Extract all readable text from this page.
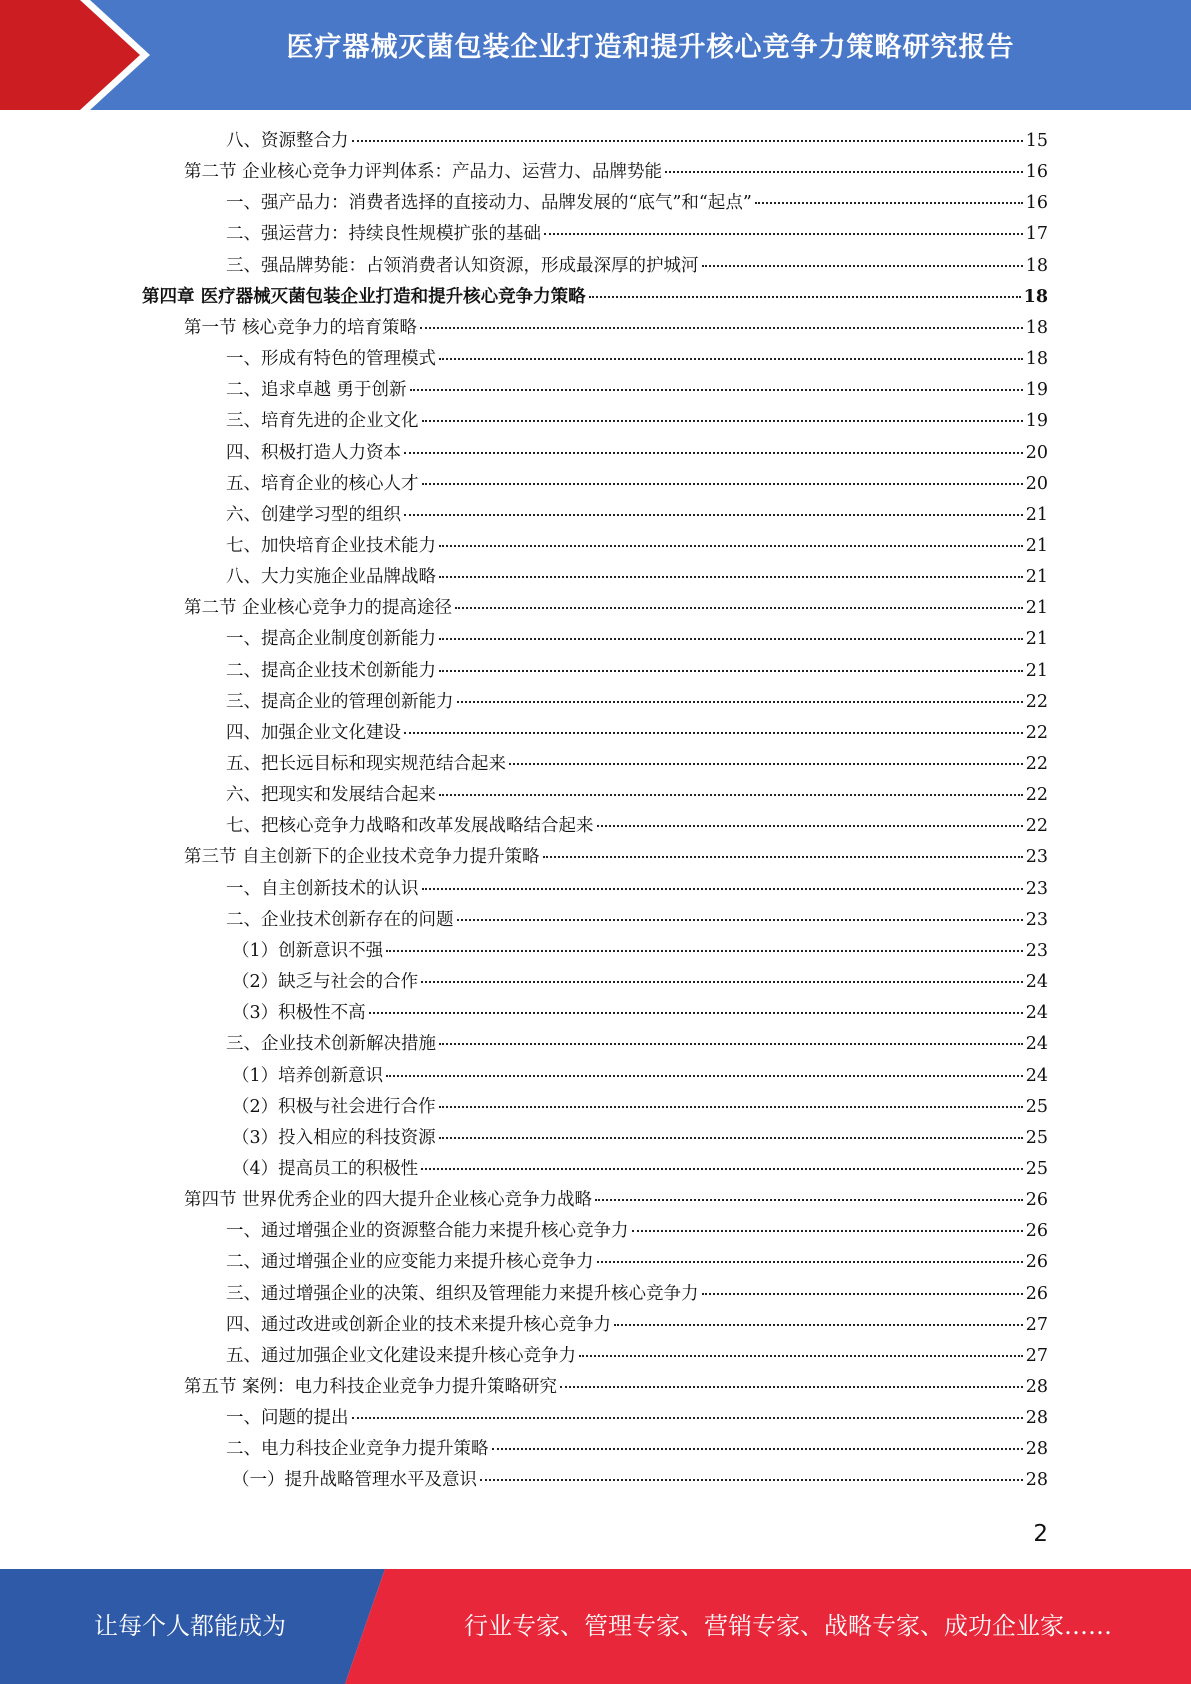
医疗器械灭菌包装企业打造和提升核心竞争力策略研究报告
八、资源整合力	15
第二节 企业核心竞争力评判体系：产品力、运营力、品牌势能	16
一、强产品力：消费者选择的直接动力、品牌发展的“底气”和“起点”	16
二、强运营力：持续良性规模扩张的基础	17
三、强品牌势能：占领消费者认知资源，形成最深厚的护城河	18
第四章 医疗器械灭菌包装企业打造和提升核心竞争力策略	18
第一节 核心竞争力的培育策略	18
一、形成有特色的管理模式	18
二、追求卓越 勇于创新	19
三、培育先进的企业文化	19
四、积极打造人力资本	20
五、培育企业的核心人才	20
六、创建学习型的组织	21
七、加快培育企业技术能力	21
八、大力实施企业品牌战略	21
第二节 企业核心竞争力的提高途径	21
一、提高企业制度创新能力	21
二、提高企业技术创新能力	21
三、提高企业的管理创新能力	22
四、加强企业文化建设	22
五、把长远目标和现实规范结合起来	22
六、把现实和发展结合起来	22
七、把核心竞争力战略和改革发展战略结合起来	22
第三节 自主创新下的企业技术竞争力提升策略	23
一、自主创新技术的认识	23
二、企业技术创新存在的问题	23
（1）创新意识不强	23
（2）缺乏与社会的合作	24
（3）积极性不高	24
三、企业技术创新解决措施	24
（1）培养创新意识	24
（2）积极与社会进行合作	25
（3）投入相应的科技资源	25
（4）提高员工的积极性	25
第四节 世界优秀企业的四大提升企业核心竞争力战略	26
一、通过增强企业的资源整合能力来提升核心竞争力	26
二、通过增强企业的应变能力来提升核心竞争力	26
三、通过增强企业的决策、组织及管理能力来提升核心竞争力	26
四、通过改进或创新企业的技术来提升核心竞争力	27
五、通过加强企业文化建设来提升核心竞争力	27
第五节 案例：电力科技企业竞争力提升策略研究	28
一、问题的提出	28
二、电力科技企业竞争力提升策略	28
（一）提升战略管理水平及意识	28
2
让每个人都能成为	行业专家、管理专家、营销专家、战略专家、成功企业家……
